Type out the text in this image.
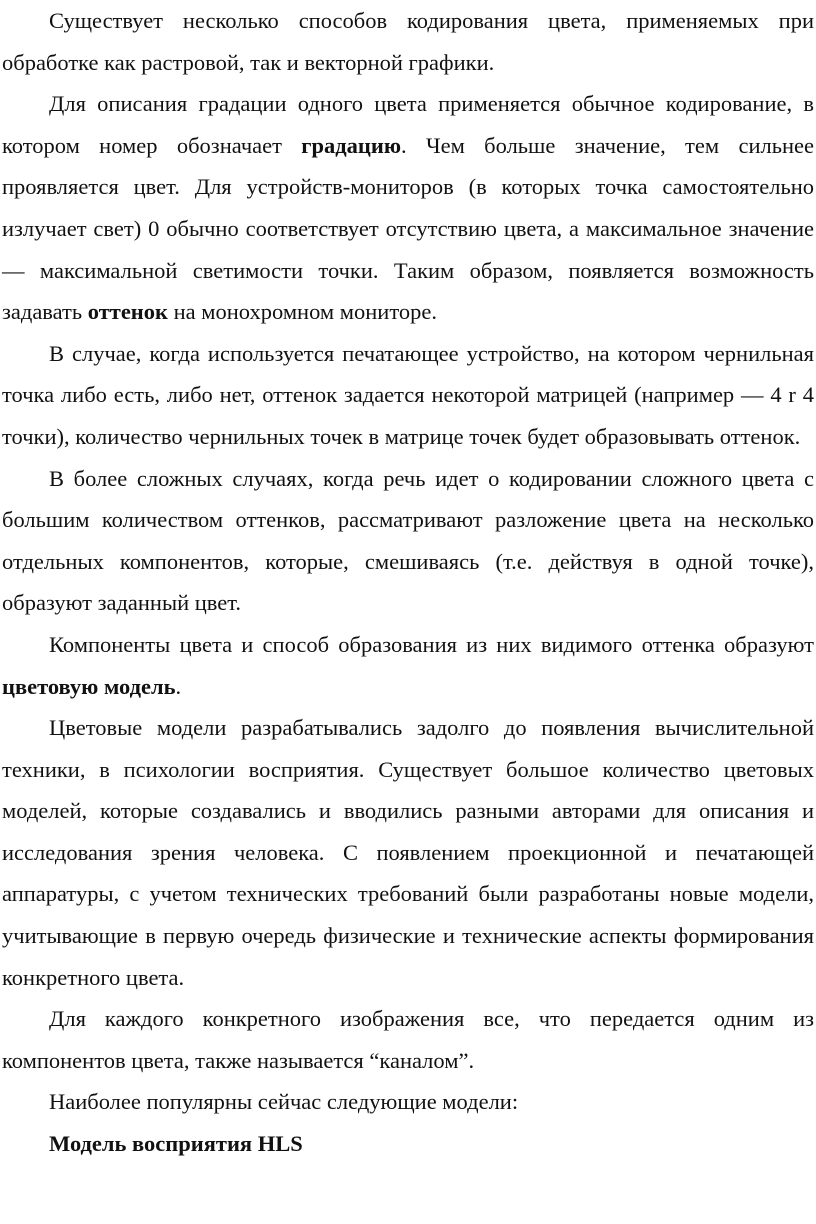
Существует несколько способов кодирования цвета, применяемых при
обработке как растровой, так и векторной графики.

Для описания градации одного цвета применяется обычное кодирование, в котором номер обозначает градацию. Чем больше значение, тем сильнее проявляется цвет. Для устройств-мониторов (в которых точка самостоятельно излучает свет) 0 обычно соответствует отсутствию цвета, а максимальное значение — максимальной светимости точки. Таким образом, появляется возможность задавать оттенок на монохромном мониторе.

В случае, когда используется печатающее устройство, на котором чернильная точка либо есть, либо нет, оттенок задается некоторой матрицей (например — 4 r 4 точки), количество чернильных точек в матрице точек будет образовывать оттенок.

В более сложных случаях, когда речь идет о кодировании сложного цвета с большим количеством оттенков, рассматривают разложение цвета на несколько отдельных компонентов, которые, смешиваясь (т.е. действуя в одной точке), образуют заданный цвет.

Компоненты цвета и способ образования из них видимого оттенка образуют цветовую модель.

Цветовые модели разрабатывались задолго до появления вычислительной техники, в психологии восприятия. Существует большое количество цветовых моделей, которые создавались и вводились разными авторами для описания и исследования зрения человека. С появлением проекционной и печатающей аппаратуры, с учетом технических требований были разработаны новые модели, учитывающие в первую очередь физические и технические аспекты формирования конкретного цвета.

Для каждого конкретного изображения все, что передается одним из компонентов цвета, также называется “каналом”.

Наиболее популярны сейчас следующие модели:

Модель восприятия HLS
